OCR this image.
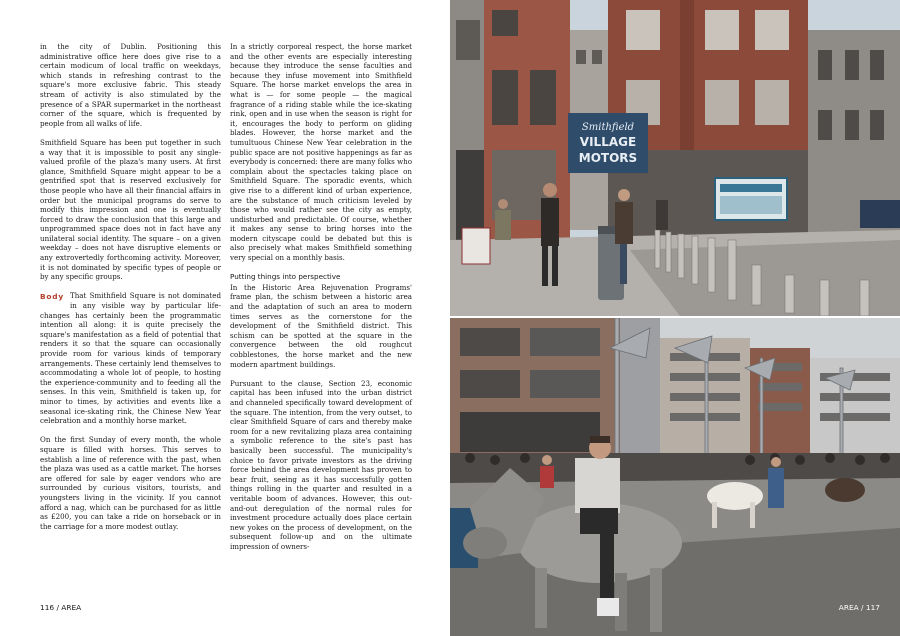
in the city of Dublin. Positioning this administrative office here does give rise to a certain modicum of local traffic on weekdays, which stands in refreshing contrast to the square's more exclusive fabric. This steady stream of activity is also stimulated by the presence of a SPAR supermarket in the northeast corner of the square, which is frequented by people from all walks of life.

Smithfield Square has been put together in such a way that it is impossible to posit any single-valued profile of the plaza's many users. At first glance, Smithfield Square might appear to be a gentrified spot that is reserved exclusively for those people who have all their financial affairs in order but the municipal programs do serve to modify this impression and one is eventually forced to draw the conclusion that this large and unprogrammed space does not in fact have any unilateral social identity. The square – on a given weekday – does not have disruptive elements or any extrovertedly forthcoming activity. Moreover, it is not dominated by specific types of people or by any specific groups.

Body That Smithfield Square is not dominated in any visible way by particular life-changes has certainly been the programmatic intention all along: it is quite precisely the square's manifestation as a field of potential that renders it so that the square can occasionally provide room for various kinds of temporary arrangements. These certainly lend themselves to accommodating a whole lot of people, to hosting the experience-community and to feeding all the senses. In this vein, Smithfield is taken up, for minor to times, by activities and events like a seasonal ice-skating rink, the Chinese New Year celebration and a monthly horse market.

On the first Sunday of every month, the whole square is filled with horses. This serves to establish a line of reference with the past, when the plaza was used as a cattle market. The horses are offered for sale by eager vendors who are surrounded by curious visitors, tourists, and youngsters living in the vicinity. If you cannot afford a nag, which can be purchased for as little as £200, you can take a ride on horseback or in the carriage for a more modest outlay.

In a strictly corporeal respect, the horse market and the other events are especially interesting because they introduce the sense faculties and because they infuse movement into Smithfield Square. The horse market envelops the area in what is — for some people — the magical fragrance of a riding stable while the ice-skating rink, open and in use when the season is right for it, encourages the body to perform on gliding blades. However, the horse market and the tumultuous Chinese New Year celebration in the public space are not positive happenings as far as everybody is concerned: there are many folks who complain about the spectacles taking place on Smithfield Square. The sporadic events, which give rise to a different kind of urban experience, are the substance of much criticism leveled by those who would rather see the city as empty, undisturbed and predictable. Of course, whether it makes any sense to bring horses into the modern cityscape could be debated but this is also precisely what makes Smithfield something very special on a monthly basis.

Putting things into perspective

In the Historic Area Rejuvenation Programs' frame plan, the schism between a historic area and the adaptation of such an area to modern times serves as the cornerstone for the development of the Smithfield district. This schism can be spotted at the square in the convergence between the old roughcut cobblestones, the horse market and the new modern apartment buildings.

Pursuant to the clause, Section 23, economic capital has been infused into the urban district and channeled specifically toward development of the square. The intention, from the very outset, to clear Smithfield Square of cars and thereby make room for a new revitalizing plaza area containing a symbolic reference to the site's past has basically been successful. The municipality's choice to favor private investors as the driving force behind the area development has proven to bear fruit, seeing as it has successfully gotten things rolling in the quarter and resulted in a veritable boom of advances. However, this out-and-out deregulation of the normal rules for investment procedure actually does place certain new yokes on the process of development, on the subsequent follow-up and on the ultimate impression of owners-

116 / AREA
Smithfield
VILLAGE
MOTORS
AREA / 117
